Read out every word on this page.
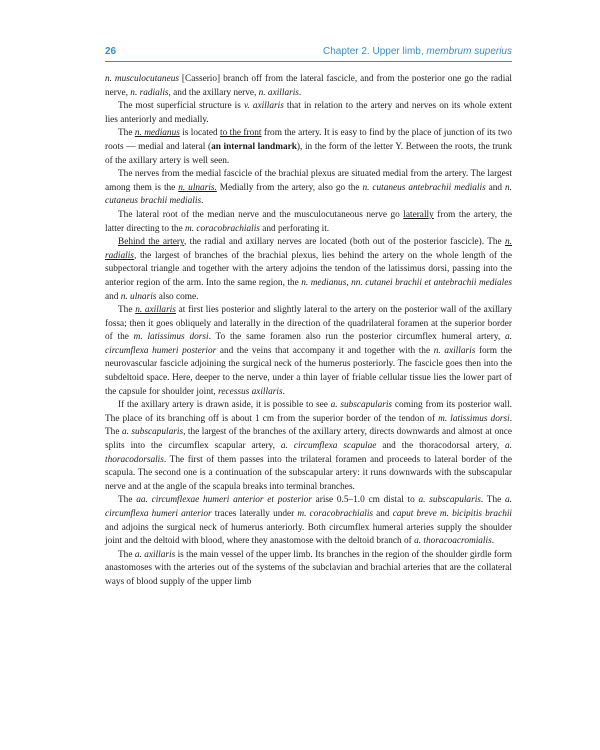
26	Chapter 2. Upper limb, membrum superius

n. musculocutaneus [Casserio] branch off from the lateral fascicle, and from the posterior one go the radial nerve, n. radialis, and the axillary nerve, n. axillaris.

The most superficial structure is v. axillaris that in relation to the artery and nerves on its whole extent lies anteriorly and medially.

The n. medianus is located to the front from the artery. It is easy to find by the place of junction of its two roots — medial and lateral (an internal landmark), in the form of the letter Y. Between the roots, the trunk of the axillary artery is well seen.

The nerves from the medial fascicle of the brachial plexus are situated medial from the artery. The largest among them is the n. ulnaris. Medially from the artery, also go the n. cutaneus antebrachii medialis and n. cutaneus brachii medialis.

The lateral root of the median nerve and the musculocutaneous nerve go laterally from the artery, the latter directing to the m. coracobrachialis and perforating it.

Behind the artery, the radial and axillary nerves are located (both out of the posterior fascicle). The n. radialis, the largest of branches of the brachial plexus, lies behind the artery on the whole length of the subpectoral triangle and together with the artery adjoins the tendon of the latissimus dorsi, passing into the anterior region of the arm. Into the same region, the n. medianus, nn. cutanei brachii et antebrachii mediales and n. ulnaris also come.

The n. axillaris at first lies posterior and slightly lateral to the artery on the posterior wall of the axillary fossa; then it goes obliquely and laterally in the direction of the quadrilateral foramen at the superior border of the m. latissimus dorsi. To the same foramen also run the posterior circumflex humeral artery, a. circumflexa humeri posterior and the veins that accompany it and together with the n. axillaris form the neurovascular fascicle adjoining the surgical neck of the humerus posteriorly. The fascicle goes then into the subdeltoid space. Here, deeper to the nerve, under a thin layer of friable cellular tissue lies the lower part of the capsule for shoulder joint, recessus axillaris.

If the axillary artery is drawn aside, it is possible to see a. subscapularis coming from its posterior wall. The place of its branching off is about 1 cm from the superior border of the tendon of m. latissimus dorsi. The a. subscapularis, the largest of the branches of the axillary artery, directs downwards and almost at once splits into the circumflex scapular artery, a. circumflexa scapulae and the thoracodorsal artery, a. thoracodorsalis. The first of them passes into the trilateral foramen and proceeds to lateral border of the scapula. The second one is a continuation of the subscapular artery: it runs downwards with the subscapular nerve and at the angle of the scapula breaks into terminal branches.

The aa. circumflexae humeri anterior et posterior arise 0.5–1.0 cm distal to a. subscapularis. The a. circumflexa humeri anterior traces laterally under m. coracobrachialis and caput breve m. bicipitis brachii and adjoins the surgical neck of humerus anteriorly. Both circumflex humeral arteries supply the shoulder joint and the deltoid with blood, where they anastomose with the deltoid branch of a. thoracoacromialis.

The a. axillaris is the main vessel of the upper limb. Its branches in the region of the shoulder girdle form anastomoses with the arteries out of the systems of the subclavian and brachial arteries that are the collateral ways of blood supply of the upper limb
